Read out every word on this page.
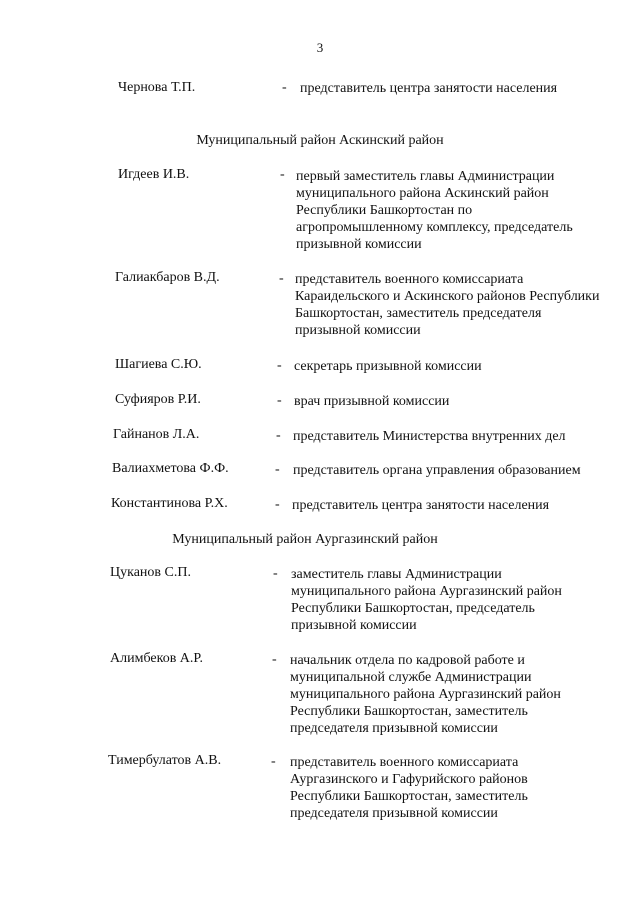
3
Чернова Т.П.	- представитель центра занятости населения
Муниципальный район Аскинский район
Игдеев И.В.	- первый заместитель главы Администрации
муниципального района Аскинский район
Республики Башкортостан по
агропромышленному комплексу, председатель
призывной комиссии
Галиакбаров В.Д.	- представитель военного комиссариата
Караидельского и Аскинского районов Республики
Башкортостан, заместитель председателя
призывной комиссии
Шагиева С.Ю.	- секретарь призывной комиссии
Суфияров Р.И.	- врач призывной комиссии
Гайнанов Л.А.	- представитель Министерства внутренних дел
Валиахметова Ф.Ф.	- представитель органа управления образованием
Константинова Р.Х.	- представитель центра занятости населения
Муниципальный район Аургазинский район
Цуканов С.П.	- заместитель главы Администрации
муниципального района Аургазинский район
Республики Башкортостан, председатель
призывной комиссии
Алимбеков А.Р.	- начальник отдела по кадровой работе и
муниципальной службе Администрации
муниципального района Аургазинский район
Республики Башкортостан, заместитель
председателя призывной комиссии
Тимербулатов А.В.	- представитель военного комиссариата
Аургазинского и Гафурийского районов
Республики Башкортостан, заместитель
председателя призывной комиссии
